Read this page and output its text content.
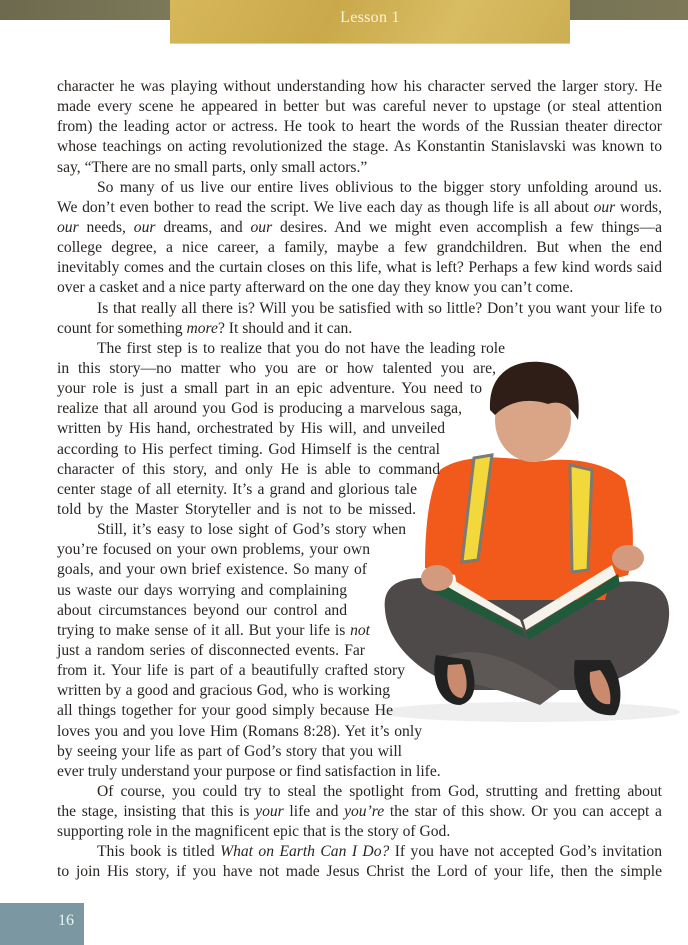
Lesson 1
character he was playing without understanding how his character served the larger story. He
made every scene he appeared in better but was careful never to upstage (or steal attention
from) the leading actor or actress. He took to heart the words of the Russian theater director
whose teachings on acting revolutionized the stage. As Konstantin Stanislavski was known to
say, “There are no small parts, only small actors.”
So many of us live our entire lives oblivious to the bigger story unfolding around us.
We don’t even bother to read the script. We live each day as though life is all about our words,
our needs, our dreams, and our desires. And we might even accomplish a few things—a
college degree, a nice career, a family, maybe a few grandchildren. But when the end
inevitably comes and the curtain closes on this life, what is left? Perhaps a few kind words said
over a casket and a nice party afterward on the one day they know you can’t come.
Is that really all there is? Will you be satisfied with so little? Don’t you want your life to
count for something more? It should and it can.
The first step is to realize that you do not have the leading role
in this story—no matter who you are or how talented you are,
your role is just a small part in an epic adventure. You need to
realize that all around you God is producing a marvelous saga,
written by His hand, orchestrated by His will, and unveiled
according to His perfect timing. God Himself is the central
character of this story, and only He is able to command
center stage of all eternity. It’s a grand and glorious tale
told by the Master Storyteller and is not to be missed.
Still, it’s easy to lose sight of God’s story when
you’re focused on your own problems, your own
goals, and your own brief existence. So many of
us waste our days worrying and complaining
about circumstances beyond our control and
trying to make sense of it all. But your life is not
just a random series of disconnected events. Far
from it. Your life is part of a beautifully crafted story
written by a good and gracious God, who is working
all things together for your good simply because He
loves you and you love Him (Romans 8:28). Yet it’s only
by seeing your life as part of God’s story that you will
ever truly understand your purpose or find satisfaction in life.
Of course, you could try to steal the spotlight from God, strutting and fretting about
the stage, insisting that this is your life and you’re the star of this show. Or you can accept a
supporting role in the magnificent epic that is the story of God.
This book is titled What on Earth Can I Do? If you have not accepted God’s invitation
to join His story, if you have not made Jesus Christ the Lord of your life, then the simple
16
